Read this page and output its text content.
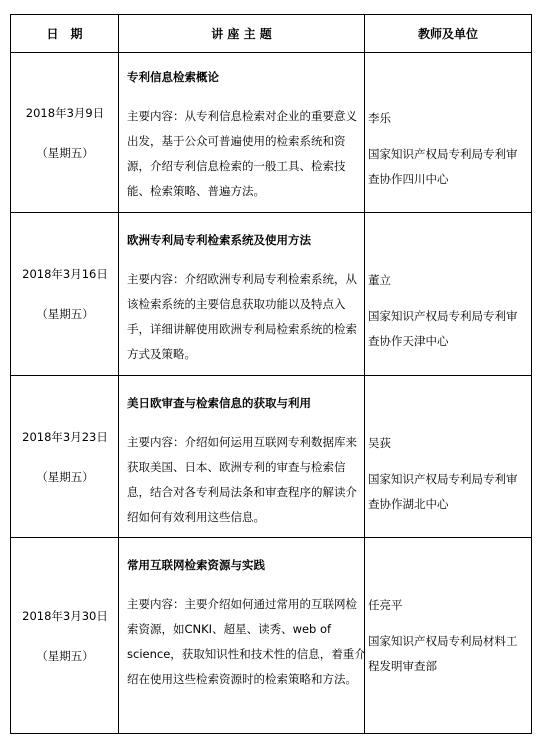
日　期	讲 座 主 题	教师及单位
2018年3月9日
（星期五）
专利信息检索概论
主要内容：从专利信息检索对企业的重要意义出发，基于公众可普遍使用的检索系统和资源，介绍专利信息检索的一般工具、检索技能、检索策略、普遍方法。
李乐
国家知识产权局专利局专利审查协作四川中心
2018年3月16日
（星期五）
欧洲专利局专利检索系统及使用方法
主要内容：介绍欧洲专利局专利检索系统，从该检索系统的主要信息获取功能以及特点入手，详细讲解使用欧洲专利局检索系统的检索方式及策略。
董立
国家知识产权局专利局专利审查协作天津中心
2018年3月23日
（星期五）
美日欧审查与检索信息的获取与利用
主要内容：介绍如何运用互联网专利数据库来获取美国、日本、欧洲专利的审查与检索信息，结合对各专利局法条和审查程序的解读介绍如何有效利用这些信息。
吴荻
国家知识产权局专利局专利审查协作湖北中心
2018年3月30日
（星期五）
常用互联网检索资源与实践
主要内容：主要介绍如何通过常用的互联网检索资源，如CNKI、超星、读秀、web of science，获取知识性和技术性的信息，着重介绍在使用这些检索资源时的检索策略和方法。
任亮平
国家知识产权局专利局材料工程发明审查部
